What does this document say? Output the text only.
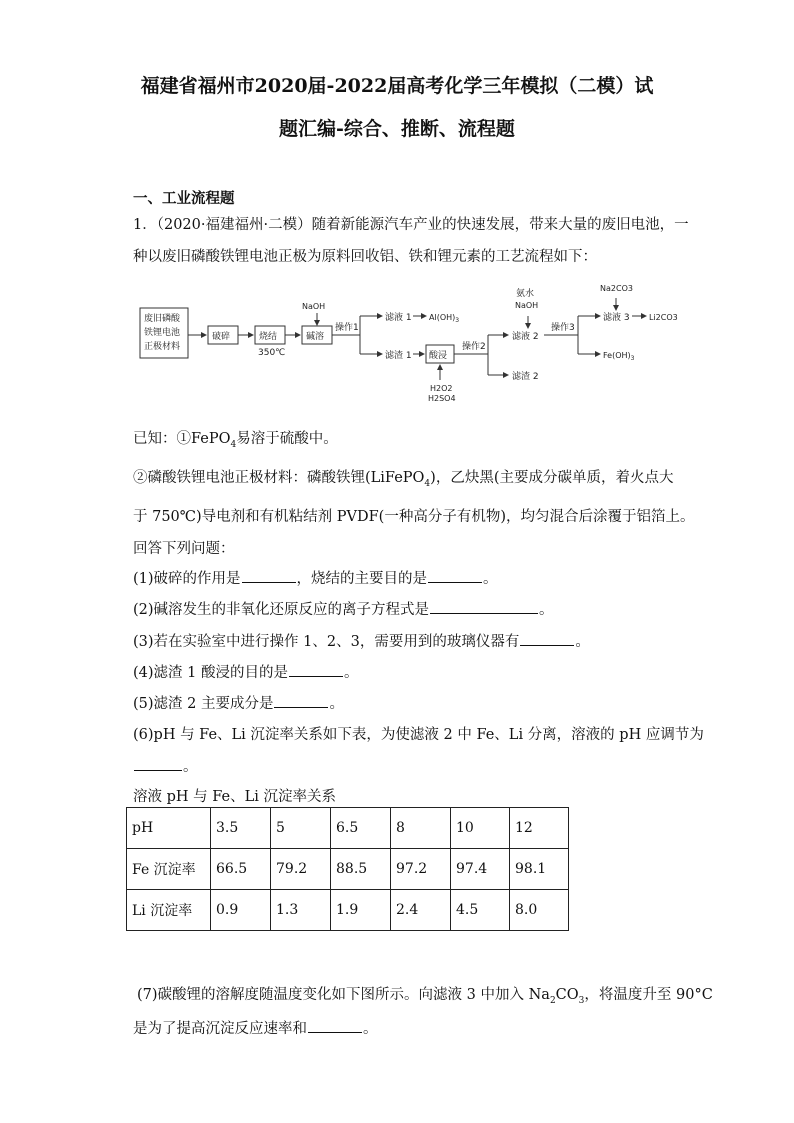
福建省福州市2020届-2022届高考化学三年模拟（二模）试
题汇编-综合、推断、流程题
一、工业流程题
1．（2020·福建福州·二模）随着新能源汽车产业的快速发展，带来大量的废旧电池，一
种以废旧磷酸铁锂电池正极为原料回收铝、铁和锂元素的工艺流程如下：
废旧磷酸
铁锂电池
正极材料
破碎	烧结
350℃
碱溶
NaOH
操作1
滤液 1 $Al(OH)_3$
滤渣 1 酸浸
H2O2
H2SO4
操作2
氨水
NaOH
滤液 2
滤渣 2
操作3
Na2CO3
滤液 3 Li2CO3
$Fe(OH)_3$
已知：①FePO$_4$易溶于硫酸中。
②磷酸铁锂电池正极材料：磷酸铁锂(LiFePO$_4$)，乙炔黑(主要成分碳单质，着火点大
于 750℃)导电剂和有机粘结剂 PVDF(一种高分子有机物)，均匀混合后涂覆于铝箔上。
回答下列问题：
(1)破碎的作用是	，烧结的主要目的是	。
(2)碱溶发生的非氧化还原反应的离子方程式是	。
(3)若在实验室中进行操作 1、2、3，需要用到的玻璃仪器有	。
(4)滤渣 1 酸浸的目的是	。
(5)滤渣 2 主要成分是	。
(6)pH 与 Fe、Li 沉淀率关系如下表，为使滤液 2 中 Fe、Li 分离，溶液的 pH 应调节为
。
溶液 pH 与 Fe、Li 沉淀率关系
pH	3.5	5	6.5	8	10	12
Fe 沉淀率	66.5	79.2	88.5	97.2	97.4	98.1
Li 沉淀率	0.9	1.3	1.9	2.4	4.5	8.0
(7)碳酸锂的溶解度随温度变化如下图所示。向滤液 3 中加入 $Na_2CO_3$，将温度升至 90°C
是为了提高沉淀反应速率和	。
